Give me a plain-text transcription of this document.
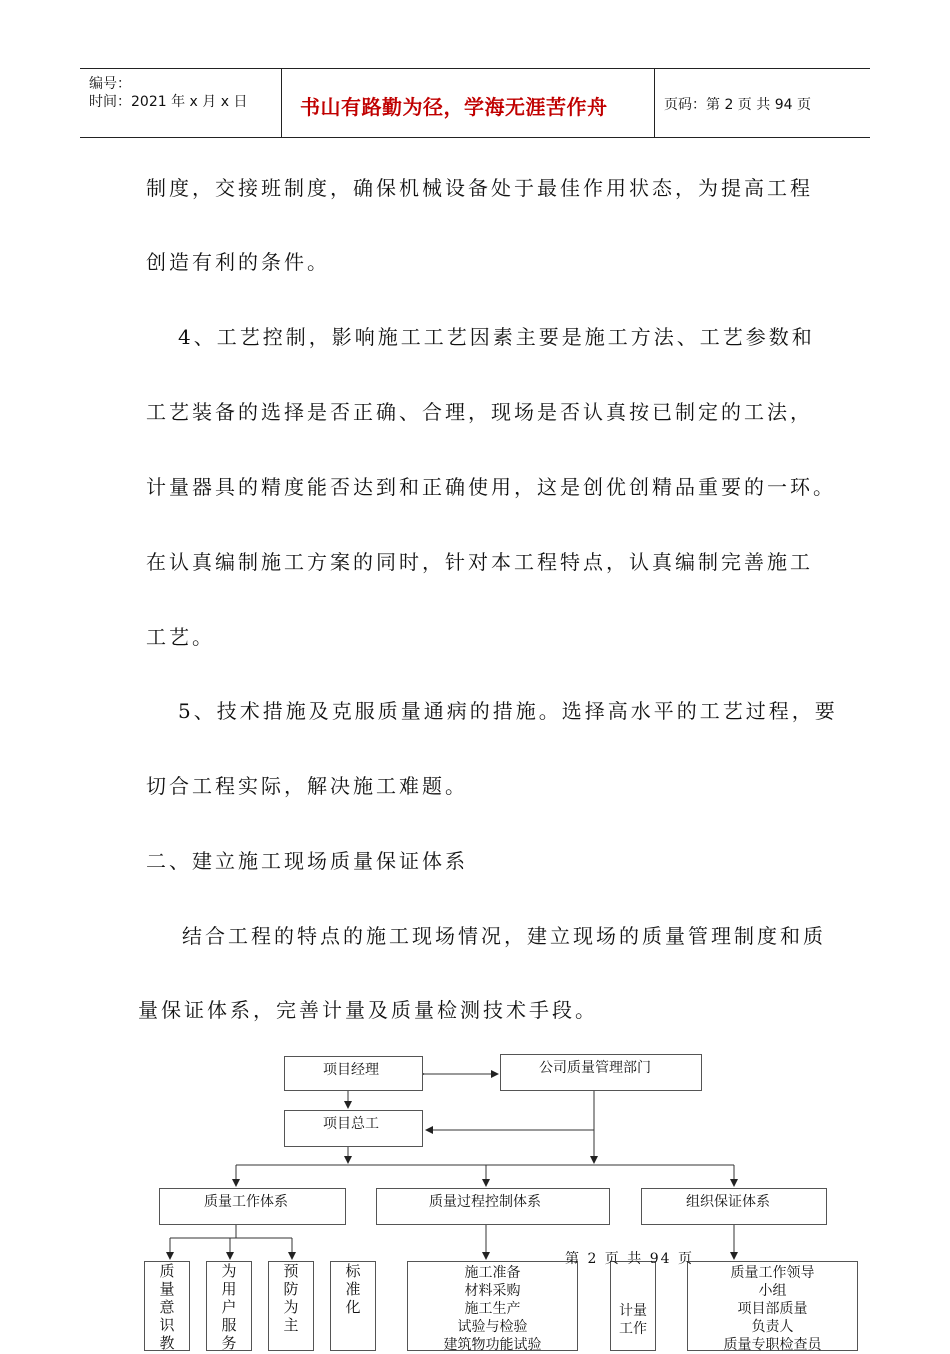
编号：
时间：2021 年 x 月 x 日	书山有路勤为径，学海无涯苦作舟	页码：第 2 页 共 94 页
制度，交接班制度，确保机械设备处于最佳作用状态，为提高工程
创造有利的条件。
4、工艺控制，影响施工工艺因素主要是施工方法、工艺参数和
工艺装备的选择是否正确、合理，现场是否认真按已制定的工法，
计量器具的精度能否达到和正确使用，这是创优创精品重要的一环。
在认真编制施工方案的同时，针对本工程特点，认真编制完善施工
工艺。
5、技术措施及克服质量通病的措施。选择高水平的工艺过程，要
切合工程实际，解决施工难题。
二、建立施工现场质量保证体系
结合工程的特点的施工现场情况，建立现场的质量管理制度和质
量保证体系，完善计量及质量检测技术手段。
项目经理	公司质量管理部门
项目总工
质量工作体系	质量过程控制体系	组织保证体系
质量意识教
为用户服务
预防为主
标准化
施工准备
材料采购
施工生产
试验与检验
建筑物功能试验
计量
工作
质量工作领导
小组
项目部质量
负责人
质量专职检查员
第 2 页 共 94 页
